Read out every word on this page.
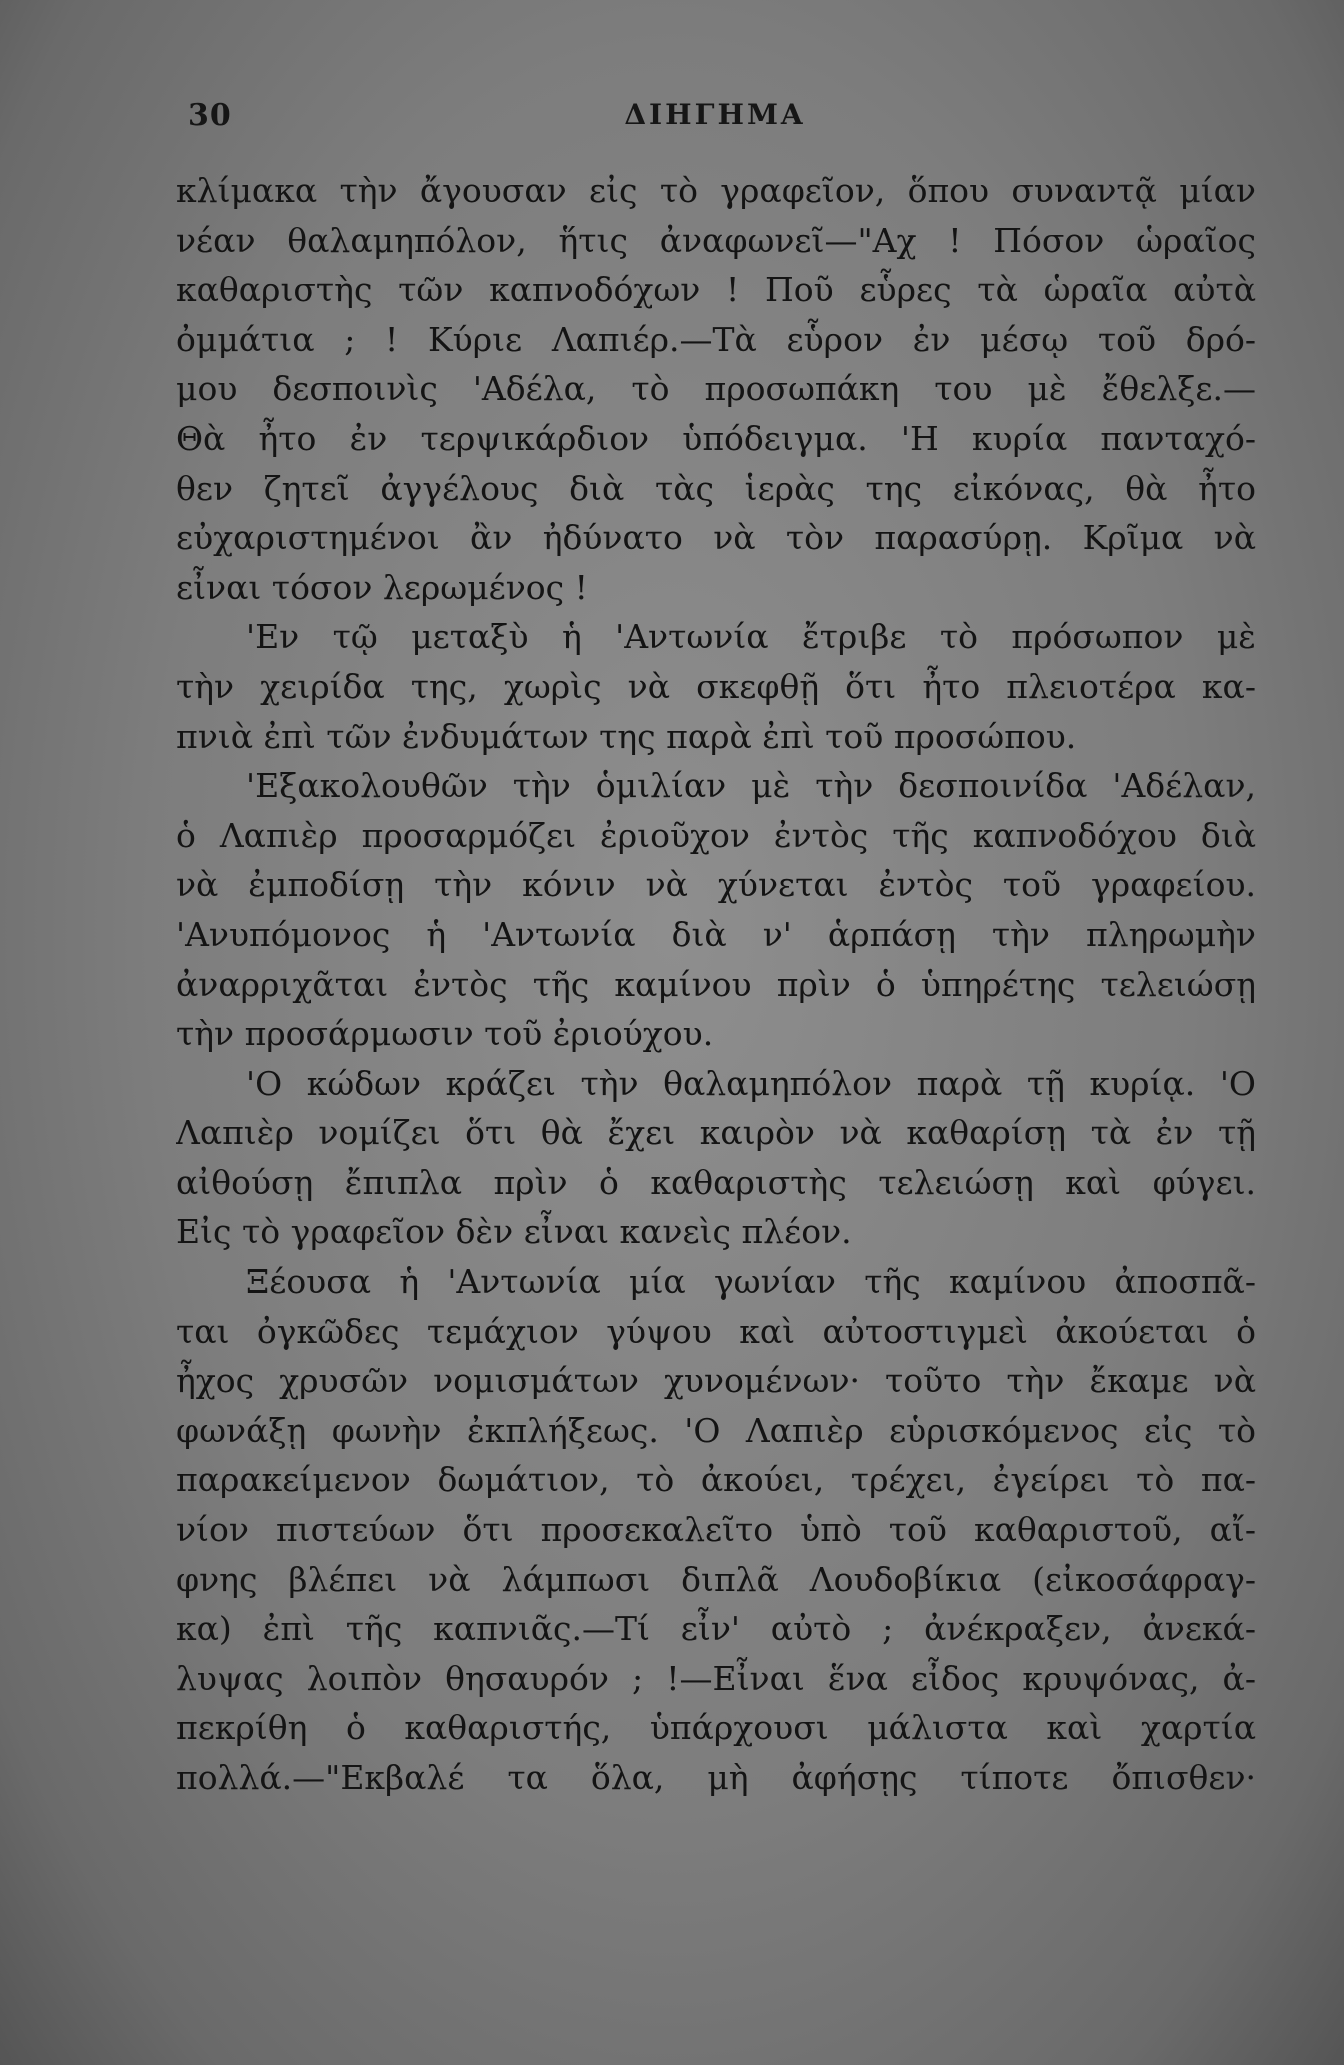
30	ΔΙΗΓΗΜΑ
κλίμακα τὴν ἄγουσαν εἰς τὸ γραφεῖον, ὅπου συναντᾷ μίαν
νέαν θαλαμηπόλον, ἥτις ἀναφωνεῖ—"Αχ ! Πόσον ὡραῖος
καθαριστὴς τῶν καπνοδόχων ! Ποῦ εὗρες τὰ ὡραῖα αὐτὰ
ὀμμάτια ; ! Κύριε Λαπιέρ.—Τὰ εὗρον ἐν μέσῳ τοῦ δρό-
μου δεσποινὶς 'Αδέλα, τὸ προσωπάκη του μὲ ἔθελξε.—
Θὰ ἦτο ἐν τερψικάρδιον ὑπόδειγμα. 'Η κυρία πανταχό-
θεν ζητεῖ ἀγγέλους διὰ τὰς ἱερὰς της εἰκόνας, θὰ ἦτο
εὐχαριστημένοι ἂν ἠδύνατο νὰ τὸν παρασύρῃ. Κρῖμα νὰ
εἶναι τόσον λερωμένος !
'Εν τῷ μεταξὺ ἡ 'Αντωνία ἔτριβε τὸ πρόσωπον μὲ
τὴν χειρίδα της, χωρὶς νὰ σκεφθῇ ὅτι ἦτο πλειοτέρα κα-
πνιὰ ἐπὶ τῶν ἐνδυμάτων της παρὰ ἐπὶ τοῦ προσώπου.
'Εξακολουθῶν τὴν ὁμιλίαν μὲ τὴν δεσποινίδα 'Αδέλαν,
ὁ Λαπιὲρ προσαρμόζει ἐριοῦχον ἐντὸς τῆς καπνοδόχου διὰ
νὰ ἐμποδίσῃ τὴν κόνιν νὰ χύνεται ἐντὸς τοῦ γραφείου.
'Ανυπόμονος ἡ 'Αντωνία διὰ ν' ἁρπάσῃ τὴν πληρωμὴν
ἀναρριχᾶται ἐντὸς τῆς καμίνου πρὶν ὁ ὑπηρέτης τελειώσῃ
τὴν προσάρμωσιν τοῦ ἐριούχου.
'Ο κώδων κράζει τὴν θαλαμηπόλον παρὰ τῇ κυρίᾳ. 'Ο
Λαπιὲρ νομίζει ὅτι θὰ ἔχει καιρὸν νὰ καθαρίσῃ τὰ ἐν τῇ
αἰθούσῃ ἔπιπλα πρὶν ὁ καθαριστὴς τελειώσῃ καὶ φύγει.
Εἰς τὸ γραφεῖον δὲν εἶναι κανεὶς πλέον.
Ξέουσα ἡ 'Αντωνία μία γωνίαν τῆς καμίνου ἀποσπᾶ-
ται ὀγκῶδες τεμάχιον γύψου καὶ αὐτοστιγμεὶ ἀκούεται ὁ
ἦχος χρυσῶν νομισμάτων χυνομένων· τοῦτο τὴν ἔκαμε νὰ
φωνάξῃ φωνὴν ἐκπλήξεως. 'Ο Λαπιὲρ εὑρισκόμενος εἰς τὸ
παρακείμενον δωμάτιον, τὸ ἀκούει, τρέχει, ἐγείρει τὸ πα-
νίον πιστεύων ὅτι προσεκαλεῖτο ὑπὸ τοῦ καθαριστοῦ, αἴ-
φνης βλέπει νὰ λάμπωσι διπλᾶ Λουδοβίκια (εἰκοσάφραγ-
κα) ἐπὶ τῆς καπνιᾶς.—Τί εἶν' αὐτὸ ; ἀνέκραξεν, ἀνεκά-
λυψας λοιπὸν θησαυρόν ; !—Εἶναι ἕνα εἶδος κρυψόνας, ἀ-
πεκρίθη ὁ καθαριστής, ὑπάρχουσι μάλιστα καὶ χαρτία
πολλά.—"Εκβαλέ τα ὅλα, μὴ ἀφήσῃς τίποτε ὄπισθεν·
